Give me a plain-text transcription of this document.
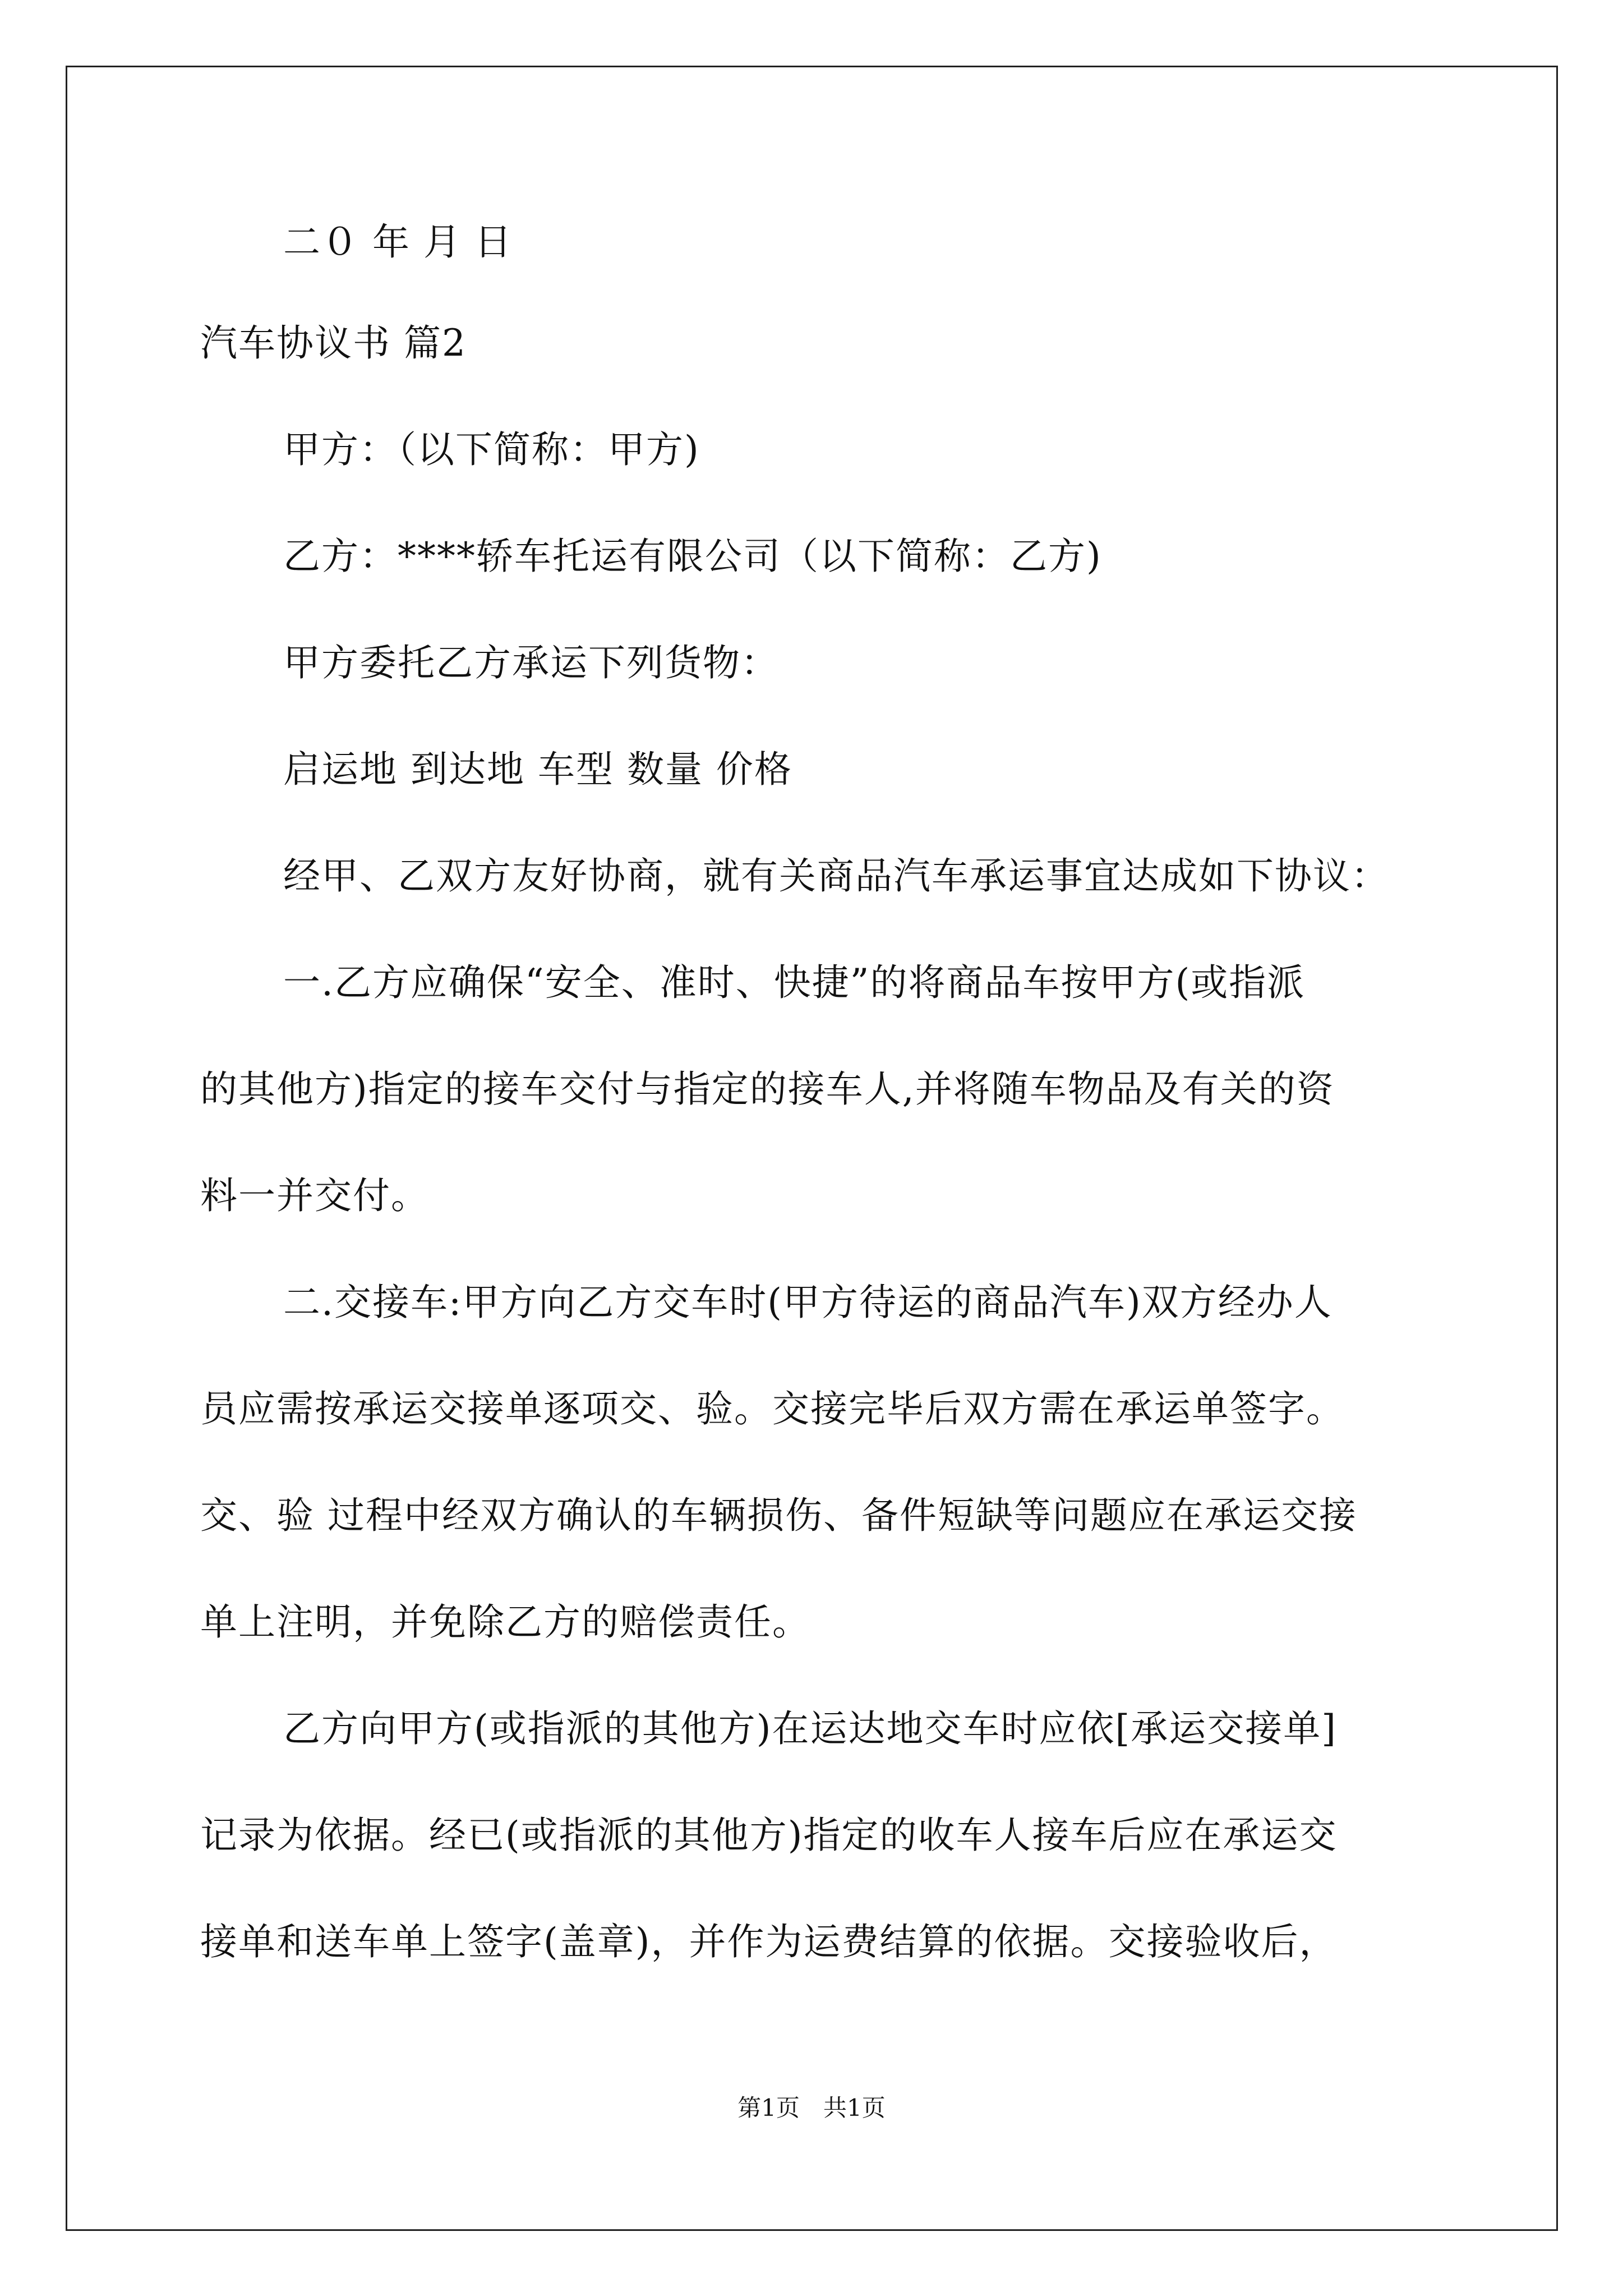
二０ 年 月 日
汽车协议书 篇2
甲方：（以下简称：甲方)
乙方：****轿车托运有限公司（以下简称：乙方)
甲方委托乙方承运下列货物：
启运地 到达地 车型 数量 价格
经甲、乙双方友好协商，就有关商品汽车承运事宜达成如下协议：
一.乙方应确保“安全、准时、快捷”的将商品车按甲方(或指派
的其他方)指定的接车交付与指定的接车人,并将随车物品及有关的资
料一并交付。
二.交接车:甲方向乙方交车时(甲方待运的商品汽车)双方经办人
员应需按承运交接单逐项交、验。交接完毕后双方需在承运单签字。
交、验 过程中经双方确认的车辆损伤、备件短缺等问题应在承运交接
单上注明，并免除乙方的赔偿责任。
乙方向甲方(或指派的其他方)在运达地交车时应依[承运交接单]
记录为依据。经已(或指派的其他方)指定的收车人接车后应在承运交
接单和送车单上签字(盖章)，并作为运费结算的依据。交接验收后，
第1页　共1页
